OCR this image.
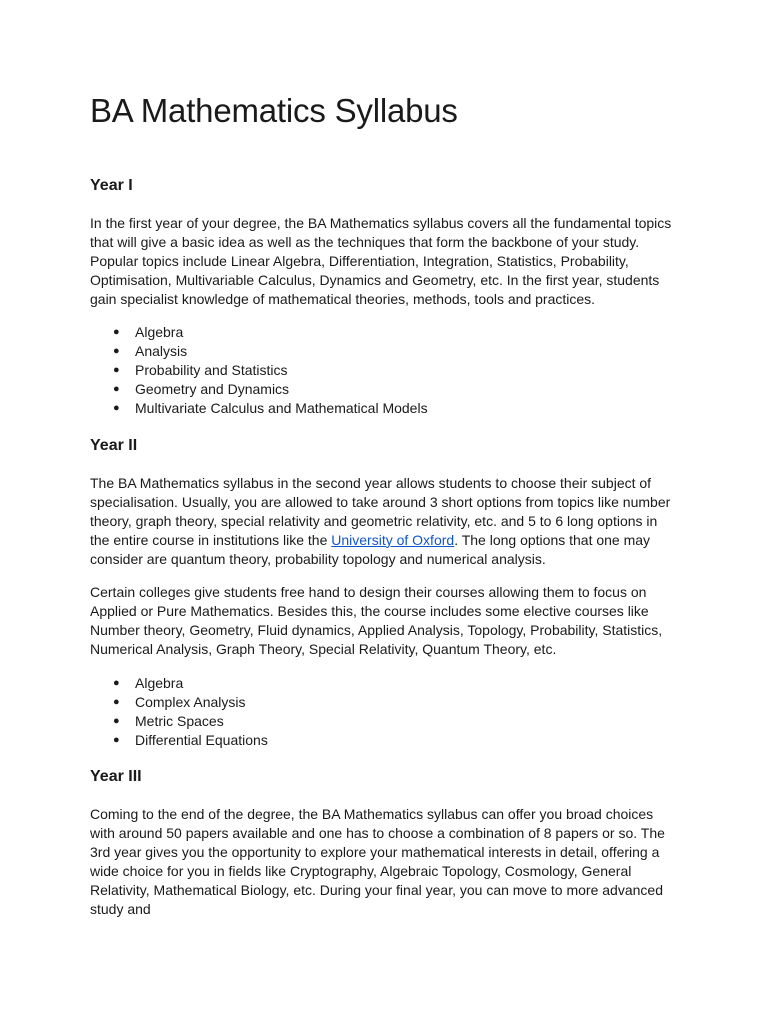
BA Mathematics Syllabus
Year I

In the first year of your degree, the BA Mathematics syllabus covers all the fundamental topics that will give a basic idea as well as the techniques that form the backbone of your study. Popular topics include Linear Algebra, Differentiation, Integration, Statistics, Probability, Optimisation, Multivariable Calculus, Dynamics and Geometry, etc. In the first year, students gain specialist knowledge of mathematical theories, methods, tools and practices.

● Algebra
● Analysis
● Probability and Statistics
● Geometry and Dynamics
● Multivariate Calculus and Mathematical Models
Year II

The BA Mathematics syllabus in the second year allows students to choose their subject of specialisation. Usually, you are allowed to take around 3 short options from topics like number theory, graph theory, special relativity and geometric relativity, etc. and 5 to 6 long options in the entire course in institutions like the University of Oxford. The long options that one may consider are quantum theory, probability topology and numerical analysis.

Certain colleges give students free hand to design their courses allowing them to focus on Applied or Pure Mathematics. Besides this, the course includes some elective courses like Number theory, Geometry, Fluid dynamics, Applied Analysis, Topology, Probability, Statistics, Numerical Analysis, Graph Theory, Special Relativity, Quantum Theory, etc.

● Algebra
● Complex Analysis
● Metric Spaces
● Differential Equations
Year III

Coming to the end of the degree, the BA Mathematics syllabus can offer you broad choices with around 50 papers available and one has to choose a combination of 8 papers or so. The 3rd year gives you the opportunity to explore your mathematical interests in detail, offering a wide choice for you in fields like Cryptography, Algebraic Topology, Cosmology, General Relativity, Mathematical Biology, etc. During your final year, you can move to more advanced study and
